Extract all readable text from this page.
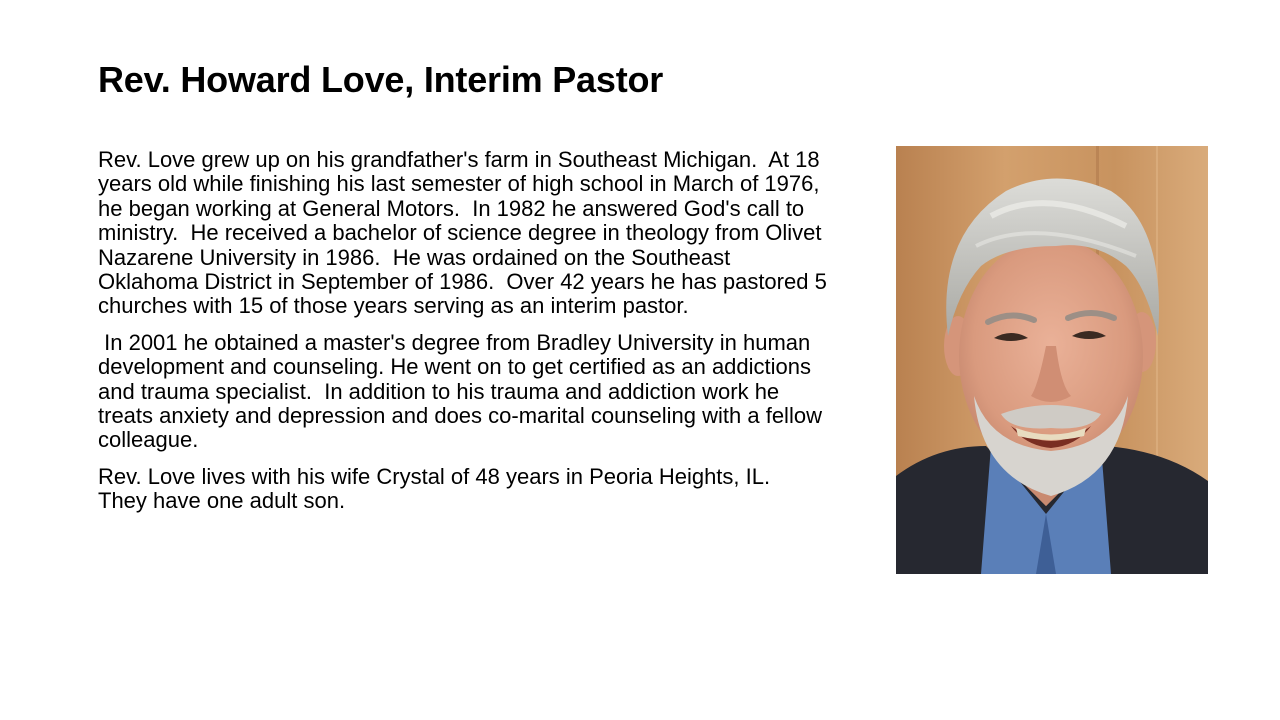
Rev. Howard Love, Interim Pastor

Rev. Love grew up on his grandfather's farm in Southeast Michigan.  At 18 years old while finishing his last semester of high school in March of 1976, he began working at General Motors.  In 1982 he answered God's call to ministry.  He received a bachelor of science degree in theology from Olivet Nazarene University in 1986.  He was ordained on the Southeast Oklahoma District in September of 1986.  Over 42 years he has pastored 5 churches with 15 of those years serving as an interim pastor.

In 2001 he obtained a master's degree from Bradley University in human development and counseling. He went on to get certified as an addictions and trauma specialist.  In addition to his trauma and addiction work he treats anxiety and depression and does co-marital counseling with a fellow colleague.

Rev. Love lives with his wife Crystal of 48 years in Peoria Heights, IL.  They have one adult son.
